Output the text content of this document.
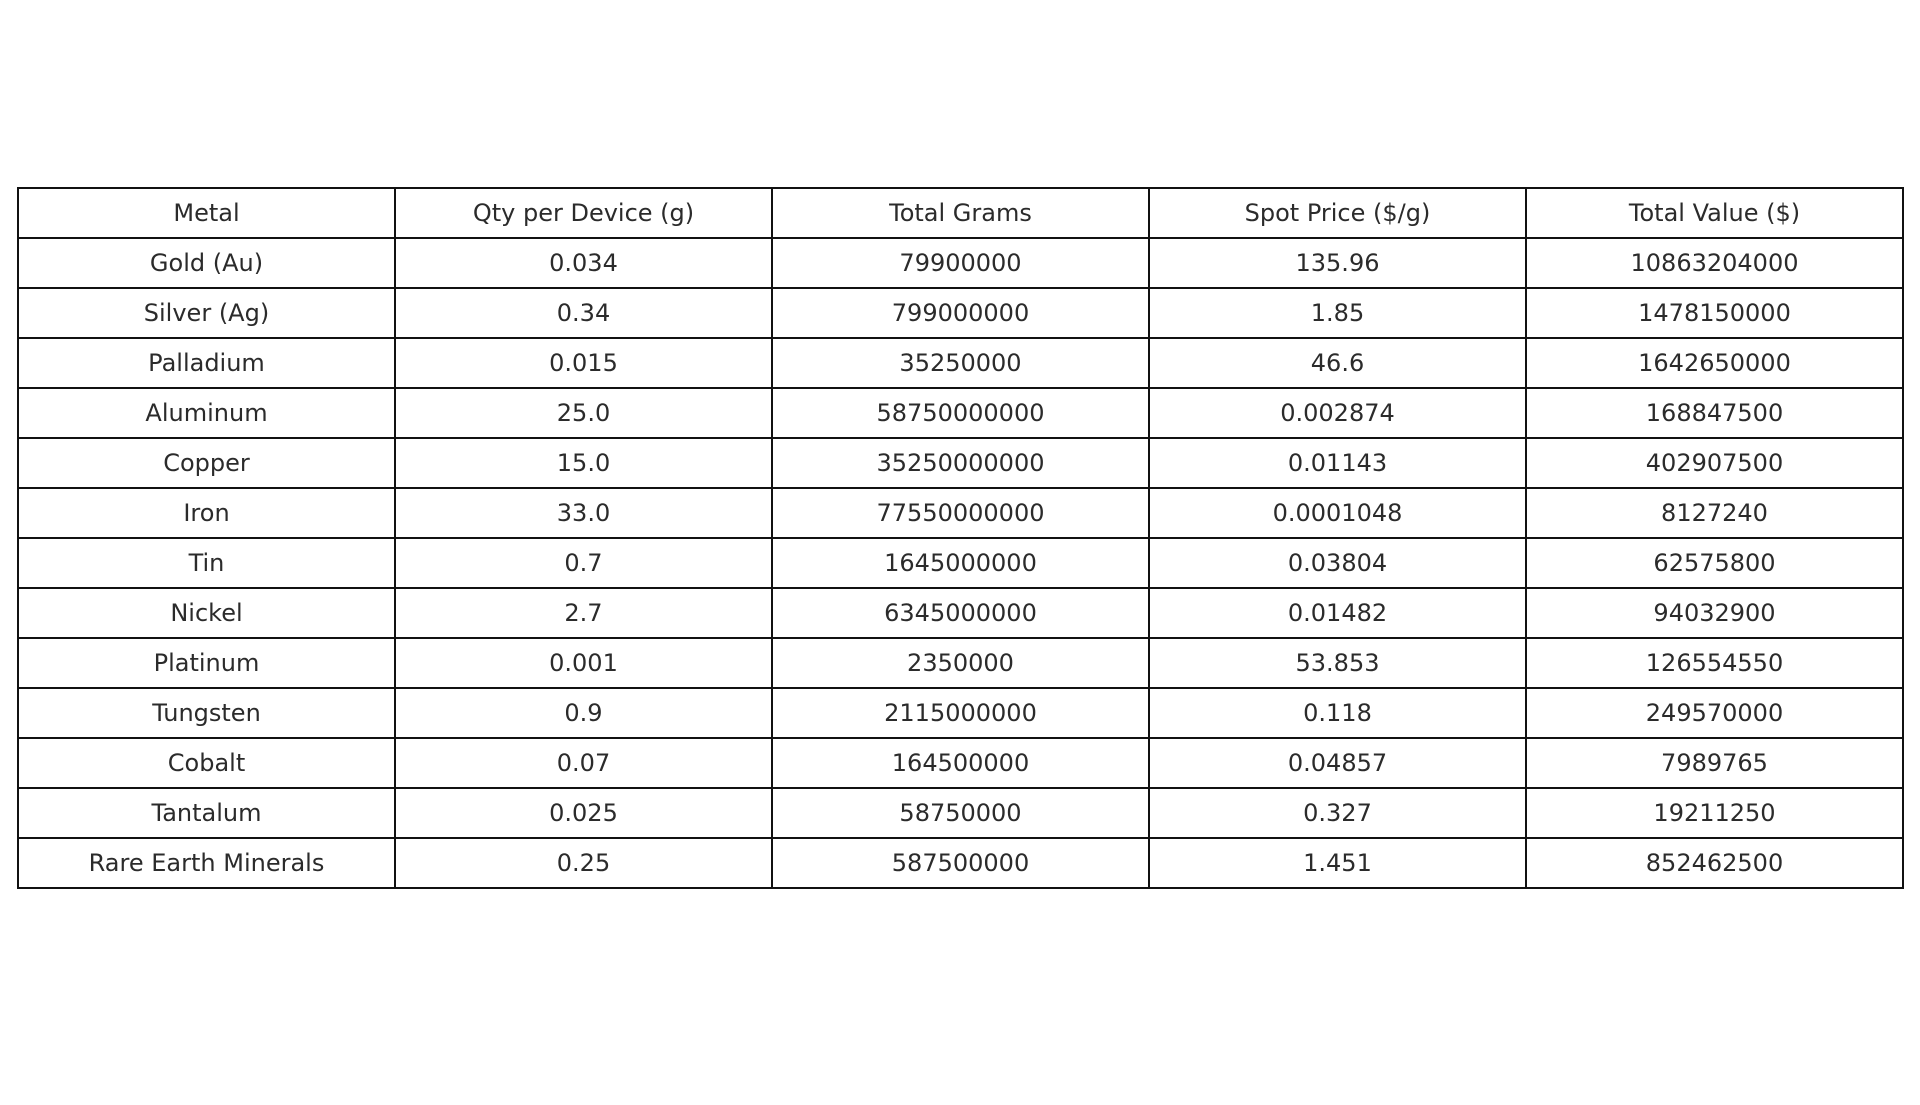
Metal	Qty per Device (g)	Total Grams	Spot Price ($/g)	Total Value ($)
Gold (Au)	0.034	79900000	135.96	10863204000
Silver (Ag)	0.34	799000000	1.85	1478150000
Palladium	0.015	35250000	46.6	1642650000
Aluminum	25.0	58750000000	0.002874	168847500
Copper	15.0	35250000000	0.01143	402907500
Iron	33.0	77550000000	0.0001048	8127240
Tin	0.7	1645000000	0.03804	62575800
Nickel	2.7	6345000000	0.01482	94032900
Platinum	0.001	2350000	53.853	126554550
Tungsten	0.9	2115000000	0.118	249570000
Cobalt	0.07	164500000	0.04857	7989765
Tantalum	0.025	58750000	0.327	19211250
Rare Earth Minerals	0.25	587500000	1.451	852462500
